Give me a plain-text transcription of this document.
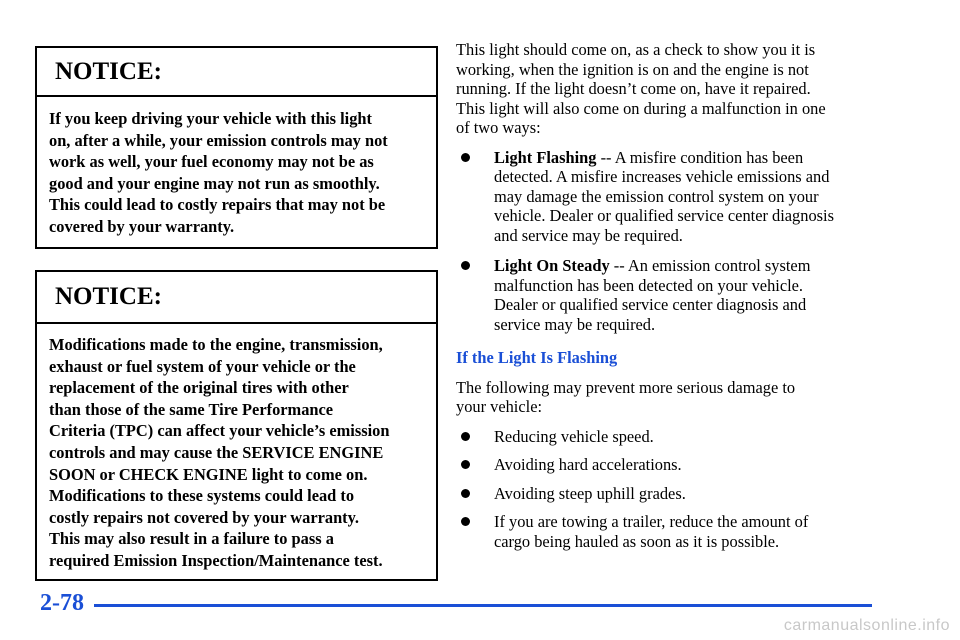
NOTICE:
If you keep driving your vehicle with this light
on, after a while, your emission controls may not
work as well, your fuel economy may not be as
good and your engine may not run as smoothly.
This could lead to costly repairs that may not be
covered by your warranty.
NOTICE:
Modifications made to the engine, transmission,
exhaust or fuel system of your vehicle or the
replacement of the original tires with other
than those of the same Tire Performance
Criteria (TPC) can affect your vehicle’s emission
controls and may cause the SERVICE ENGINE
SOON or CHECK ENGINE light to come on.
Modifications to these systems could lead to
costly repairs not covered by your warranty.
This may also result in a failure to pass a
required Emission Inspection/Maintenance test.
This light should come on, as a check to show you it is
working, when the ignition is on and the engine is not
running. If the light doesn’t come on, have it repaired.
This light will also come on during a malfunction in one
of two ways:
Light Flashing -- A misfire condition has been
detected. A misfire increases vehicle emissions and
may damage the emission control system on your
vehicle. Dealer or qualified service center diagnosis
and service may be required.
Light On Steady -- An emission control system
malfunction has been detected on your vehicle.
Dealer or qualified service center diagnosis and
service may be required.
If the Light Is Flashing
The following may prevent more serious damage to
your vehicle:
Reducing vehicle speed.
Avoiding hard accelerations.
Avoiding steep uphill grades.
If you are towing a trailer, reduce the amount of
cargo being hauled as soon as it is possible.
2-78
carmanualsonline.info
